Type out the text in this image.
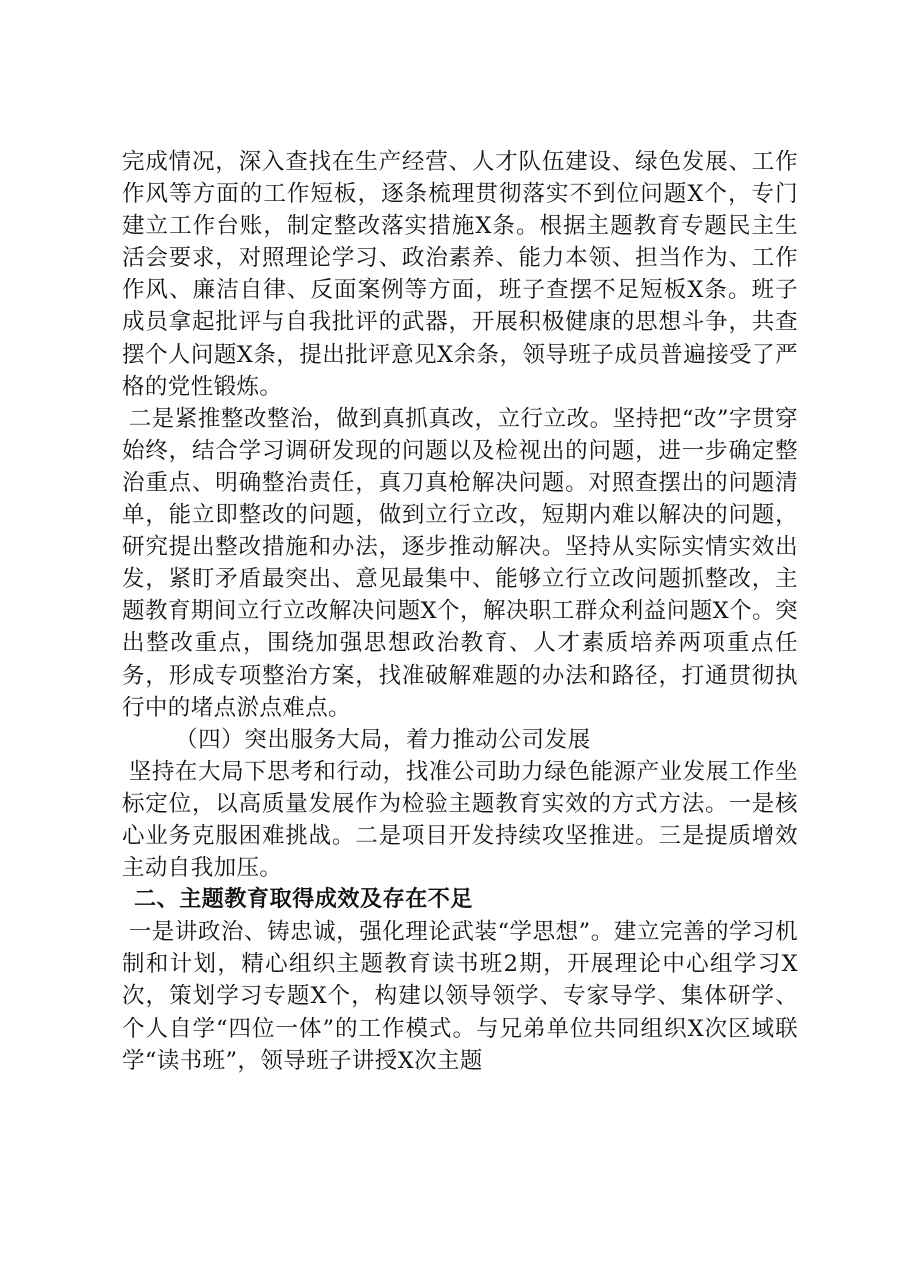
完成情况，深入查找在生产经营、人才队伍建设、绿色发展、工作作风等方面的工作短板，逐条梳理贯彻落实不到位问题X个，专门建立工作台账，制定整改落实措施X条。根据主题教育专题民主生活会要求，对照理论学习、政治素养、能力本领、担当作为、工作作风、廉洁自律、反面案例等方面，班子查摆不足短板X条。班子成员拿起批评与自我批评的武器，开展积极健康的思想斗争，共查摆个人问题X条，提出批评意见X余条，领导班子成员普遍接受了严格的党性锻炼。

二是紧推整改整治，做到真抓真改，立行立改。坚持把“改”字贯穿始终，结合学习调研发现的问题以及检视出的问题，进一步确定整治重点、明确整治责任，真刀真枪解决问题。对照查摆出的问题清单，能立即整改的问题，做到立行立改，短期内难以解决的问题，研究提出整改措施和办法，逐步推动解决。坚持从实际实情实效出发，紧盯矛盾最突出、意见最集中、能够立行立改问题抓整改，主题教育期间立行立改解决问题X个，解决职工群众利益问题X个。突出整改重点，围绕加强思想政治教育、人才素质培养两项重点任务，形成专项整治方案，找准破解难题的办法和路径，打通贯彻执行中的堵点淤点难点。

（四）突出服务大局，着力推动公司发展

坚持在大局下思考和行动，找准公司助力绿色能源产业发展工作坐标定位，以高质量发展作为检验主题教育实效的方式方法。一是核心业务克服困难挑战。二是项目开发持续攻坚推进。三是提质增效主动自我加压。

二、主题教育取得成效及存在不足

一是讲政治、铸忠诚，强化理论武装“学思想”。建立完善的学习机制和计划，精心组织主题教育读书班2期，开展理论中心组学习X次，策划学习专题X个，构建以领导领学、专家导学、集体研学、个人自学“四位一体”的工作模式。与兄弟单位共同组织X次区域联学“读书班”，领导班子讲授X次主题
